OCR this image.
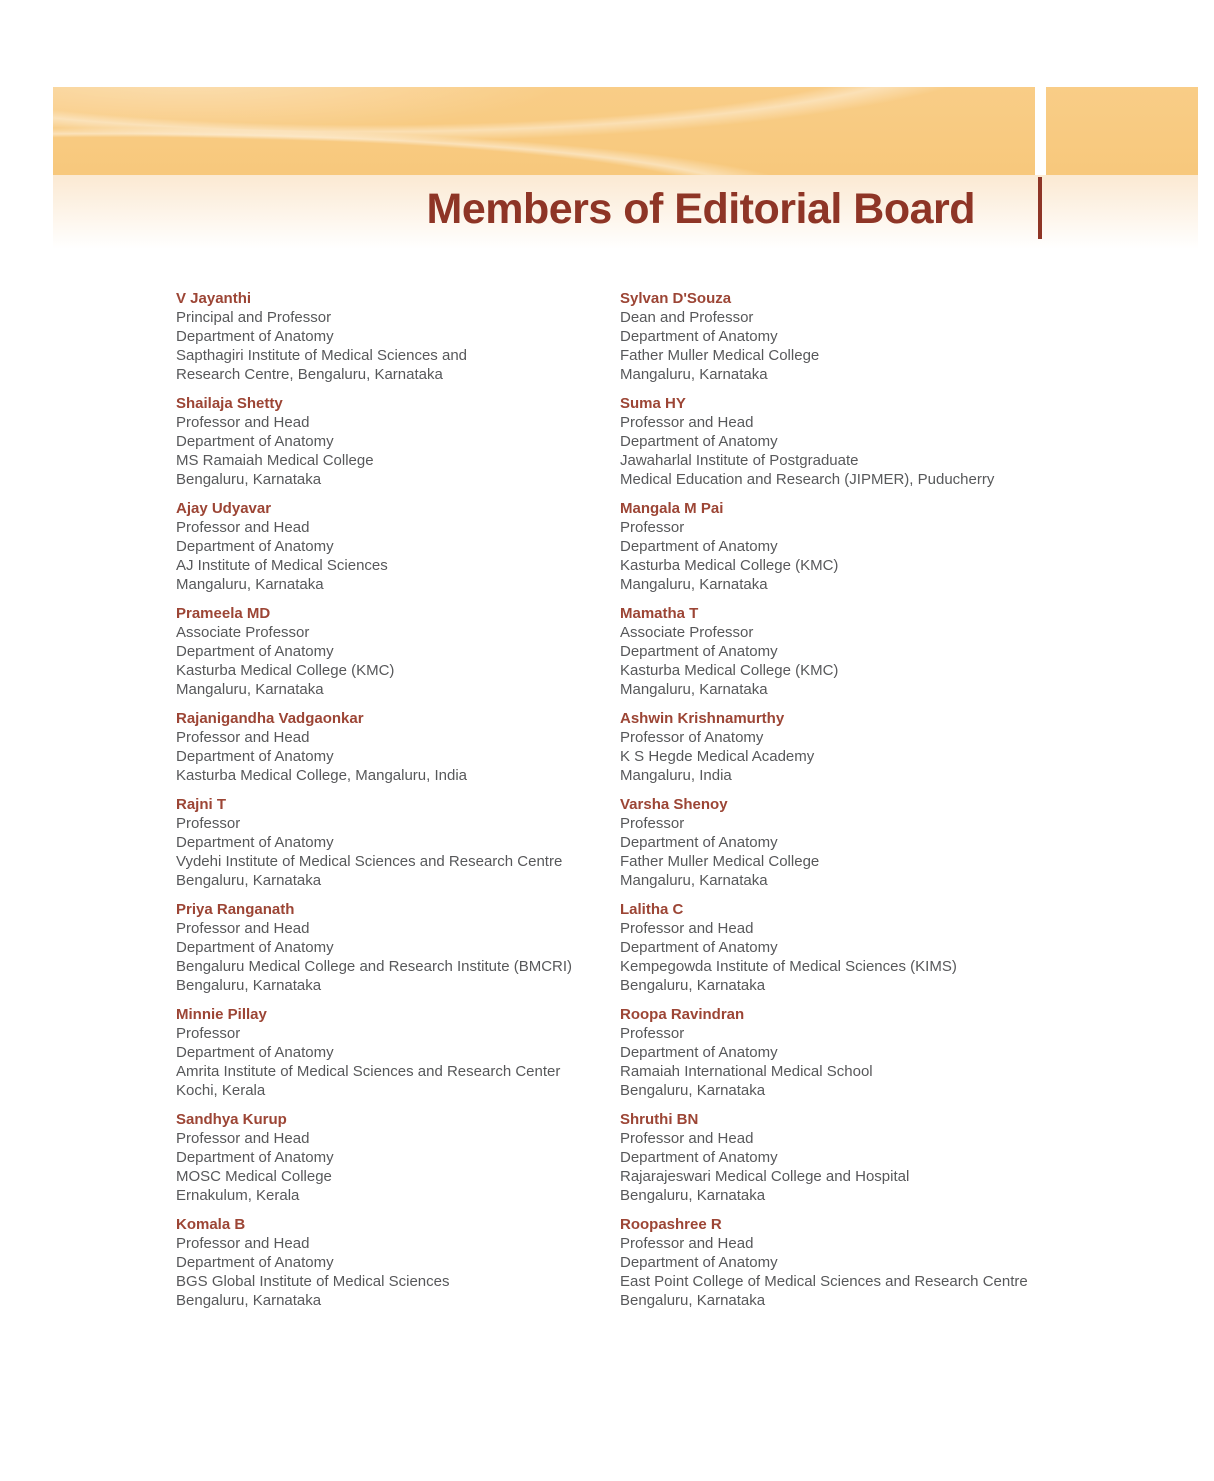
Members of Editorial Board
V Jayanthi
Principal and Professor
Department of Anatomy
Sapthagiri Institute of Medical Sciences and
Research Centre, Bengaluru, Karnataka
Shailaja Shetty
Professor and Head
Department of Anatomy
MS Ramaiah Medical College
Bengaluru, Karnataka
Ajay Udyavar
Professor and Head
Department of Anatomy
AJ Institute of Medical Sciences
Mangaluru, Karnataka
Prameela MD
Associate Professor
Department of Anatomy
Kasturba Medical College (KMC)
Mangaluru, Karnataka
Rajanigandha Vadgaonkar
Professor and Head
Department of Anatomy
Kasturba Medical College, Mangaluru, India
Rajni T
Professor
Department of Anatomy
Vydehi Institute of Medical Sciences and Research Centre
Bengaluru, Karnataka
Priya Ranganath
Professor and Head
Department of Anatomy
Bengaluru Medical College and Research Institute (BMCRI)
Bengaluru, Karnataka
Minnie Pillay
Professor
Department of Anatomy
Amrita Institute of Medical Sciences and Research Center
Kochi, Kerala
Sandhya Kurup
Professor and Head
Department of Anatomy
MOSC Medical College
Ernakulum, Kerala
Komala B
Professor and Head
Department of Anatomy
BGS Global Institute of Medical Sciences
Bengaluru, Karnataka
Sylvan D'Souza
Dean and Professor
Department of Anatomy
Father Muller Medical College
Mangaluru, Karnataka
Suma HY
Professor and Head
Department of Anatomy
Jawaharlal Institute of Postgraduate
Medical Education and Research (JIPMER), Puducherry
Mangala M Pai
Professor
Department of Anatomy
Kasturba Medical College (KMC)
Mangaluru, Karnataka
Mamatha T
Associate Professor
Department of Anatomy
Kasturba Medical College (KMC)
Mangaluru, Karnataka
Ashwin Krishnamurthy
Professor of Anatomy
K S Hegde Medical Academy
Mangaluru, India
Varsha Shenoy
Professor
Department of Anatomy
Father Muller Medical College
Mangaluru, Karnataka
Lalitha C
Professor and Head
Department of Anatomy
Kempegowda Institute of Medical Sciences (KIMS)
Bengaluru, Karnataka
Roopa Ravindran
Professor
Department of Anatomy
Ramaiah International Medical School
Bengaluru, Karnataka
Shruthi BN
Professor and Head
Department of Anatomy
Rajarajeswari Medical College and Hospital
Bengaluru, Karnataka
Roopashree R
Professor and Head
Department of Anatomy
East Point College of Medical Sciences and Research Centre
Bengaluru, Karnataka
